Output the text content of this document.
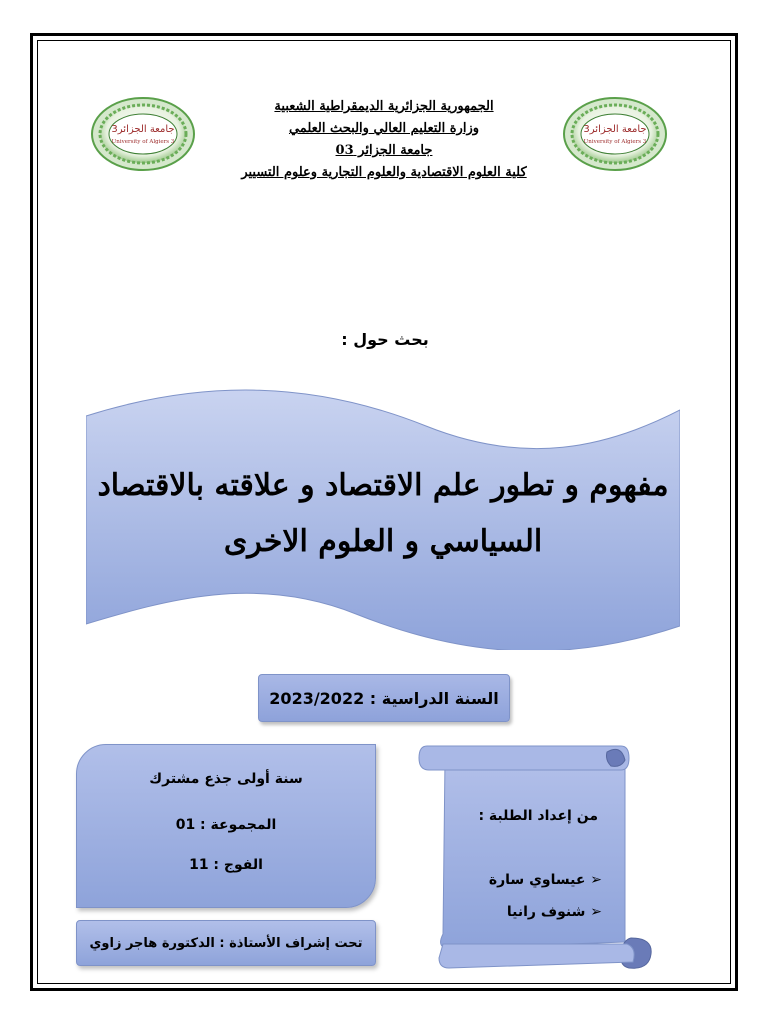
جامعة الجزائر3
University of Algiers 3
جامعة الجزائر3
University of Algiers 3
الجمهورية الجزائرية الديمقراطية الشعبية
وزارة التعليم العالي والبحث العلمي
جامعة الجزائر 03
كلية العلوم الاقتصادية والعلوم التجارية وعلوم التسيير
بحث حول :
مفهوم و تطور علم الاقتصاد و علاقته بالاقتصاد
السياسي و العلوم الاخرى
السنة الدراسية : 2023/2022
سنة أولى جذع مشترك
المجموعة : 01
الفوج : 11
تحت إشراف الأستاذة : الدكتورة هاجر زاوي
من إعداد الطلبة :
➢ عيساوي سارة
➢ شنوف رانيا
